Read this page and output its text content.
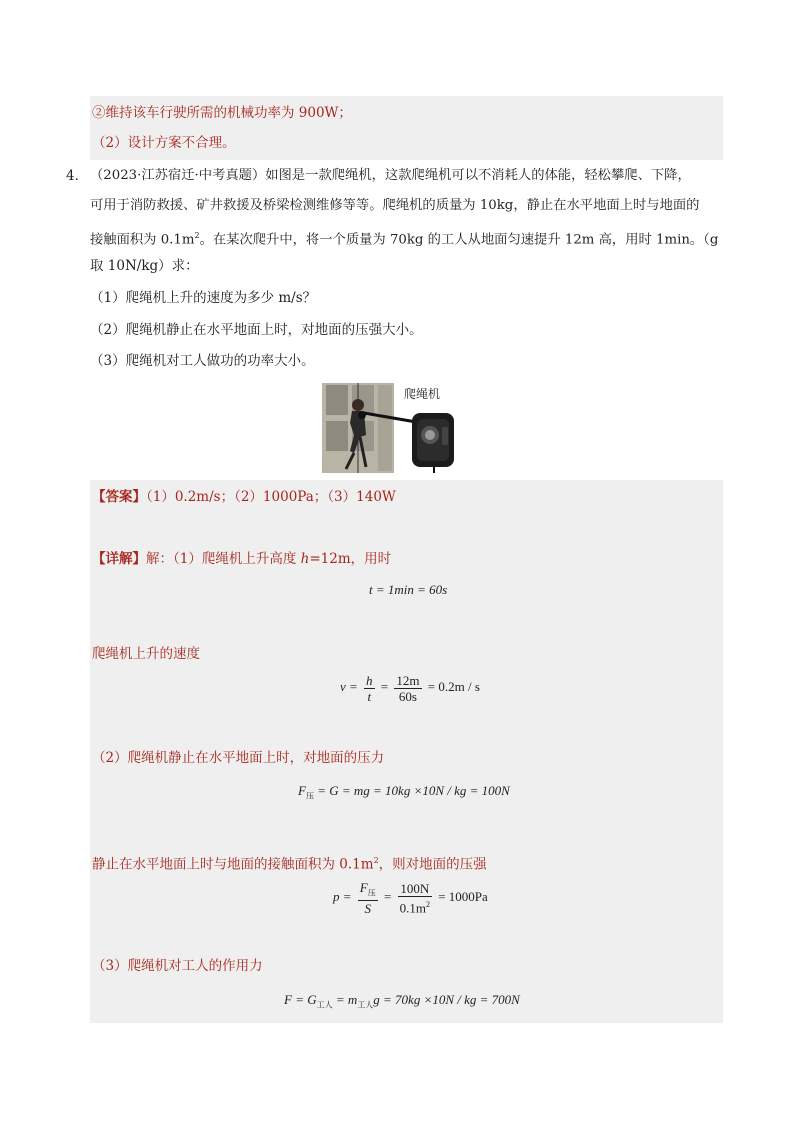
②维持该车行驶所需的机械功率为 900W；
（2）设计方案不合理。
4． （2023·江苏宿迁·中考真题）如图是一款爬绳机，这款爬绳机可以不消耗人的体能，轻松攀爬、下降，
可用于消防救援、矿井救援及桥梁检测维修等等。爬绳机的质量为 10kg，静止在水平地面上时与地面的
接触面积为 $0.1m^2$。在某次爬升中，将一个质量为 70kg 的工人从地面匀速提升 12m 高，用时 1min。（g
取 10N/kg）求：
（1）爬绳机上升的速度为多少 m/s？
（2）爬绳机静止在水平地面上时，对地面的压强大小。
（3）爬绳机对工人做功的功率大小。
爬绳机
【答案】（1）0.2m/s；（2）1000Pa；（3）140W
【详解】解：（1）爬绳机上升高度 h=12m，用时
t = 1min = 60s
爬绳机上升的速度
$v = \frac{h}{t} = \frac{12m}{60s} = 0.2m / s$
（2）爬绳机静止在水平地面上时，对地面的压力
$F_压 = G$ = mg = 10kg ×10N / kg = 100N
静止在水平地面上时与地面的接触面积为 $0.1m^2$，则对地面的压强
$p = \frac{F_压}{S} = \frac{100N}{0.1m^2} = 1000Pa$
（3）爬绳机对工人的作用力
$F = G_{工人} = m_{工人}g = 70kg \times 10N$ / kg = 700N
